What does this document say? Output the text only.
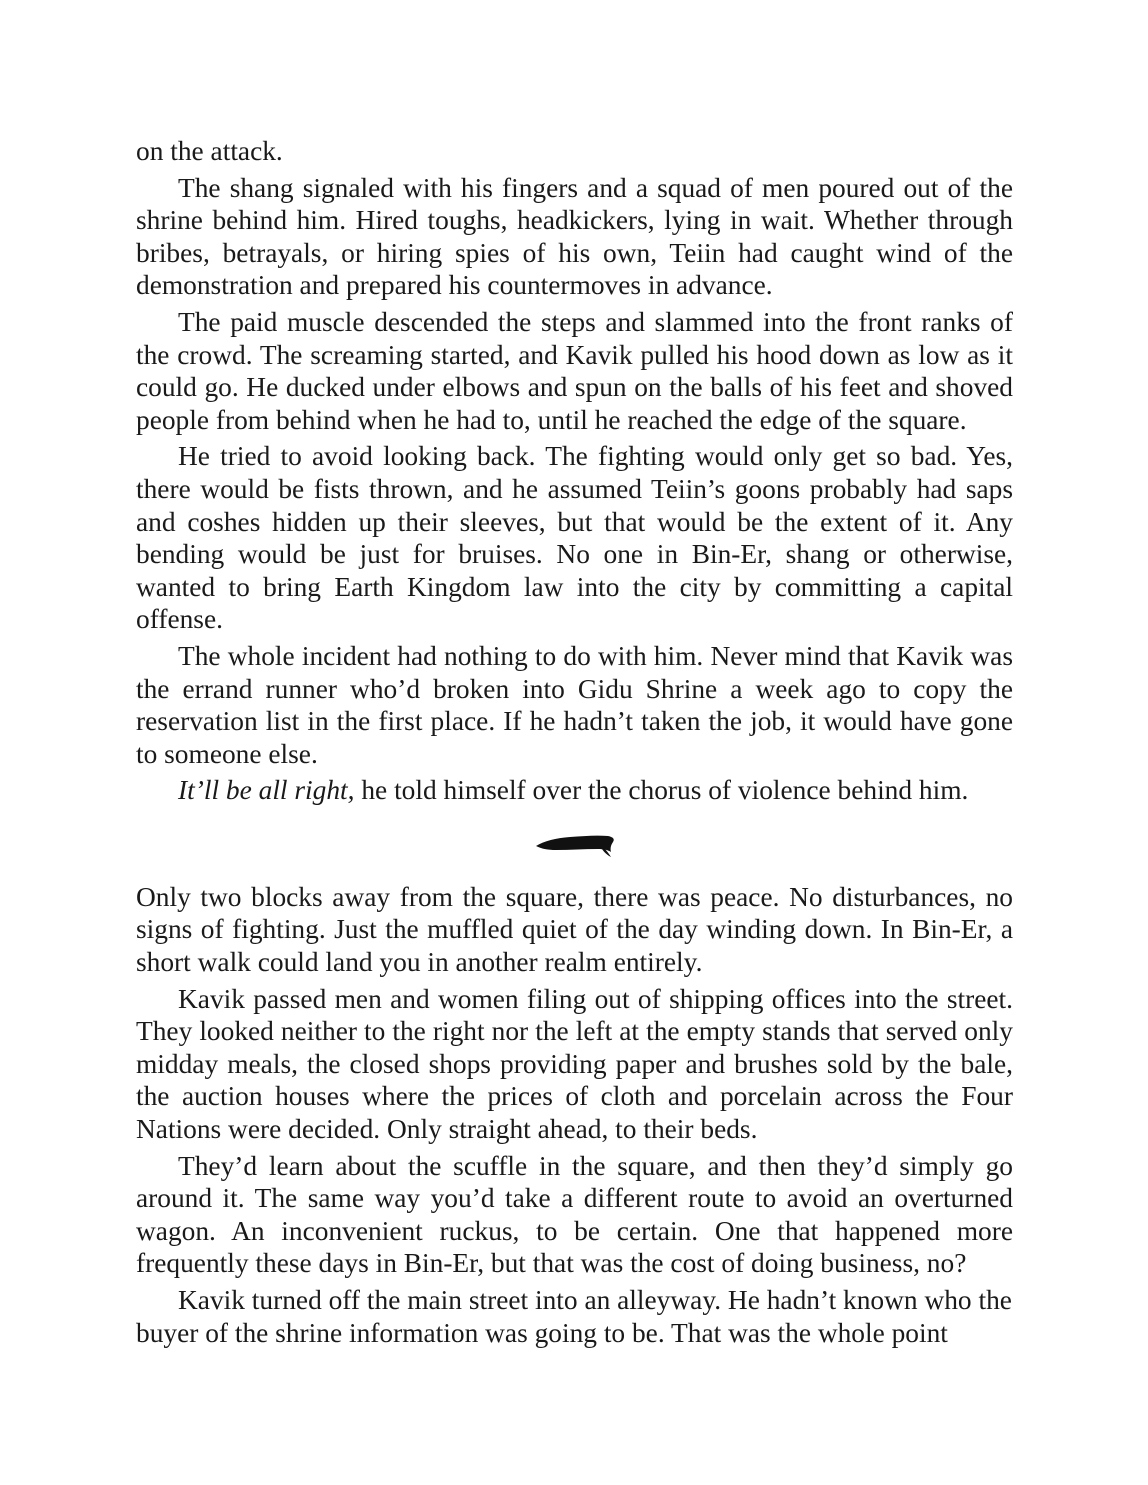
on the attack.

The shang signaled with his fingers and a squad of men poured out of the shrine behind him. Hired toughs, headkickers, lying in wait. Whether through bribes, betrayals, or hiring spies of his own, Teiin had caught wind of the demonstration and prepared his countermoves in advance.

The paid muscle descended the steps and slammed into the front ranks of the crowd. The screaming started, and Kavik pulled his hood down as low as it could go. He ducked under elbows and spun on the balls of his feet and shoved people from behind when he had to, until he reached the edge of the square.

He tried to avoid looking back. The fighting would only get so bad. Yes, there would be fists thrown, and he assumed Teiin’s goons probably had saps and coshes hidden up their sleeves, but that would be the extent of it. Any bending would be just for bruises. No one in Bin-Er, shang or otherwise, wanted to bring Earth Kingdom law into the city by committing a capital offense.

The whole incident had nothing to do with him. Never mind that Kavik was the errand runner who’d broken into Gidu Shrine a week ago to copy the reservation list in the first place. If he hadn’t taken the job, it would have gone to someone else.

It’ll be all right, he told himself over the chorus of violence behind him.

Only two blocks away from the square, there was peace. No disturbances, no signs of fighting. Just the muffled quiet of the day winding down. In Bin-Er, a short walk could land you in another realm entirely.

Kavik passed men and women filing out of shipping offices into the street. They looked neither to the right nor the left at the empty stands that served only midday meals, the closed shops providing paper and brushes sold by the bale, the auction houses where the prices of cloth and porcelain across the Four Nations were decided. Only straight ahead, to their beds.

They’d learn about the scuffle in the square, and then they’d simply go around it. The same way you’d take a different route to avoid an overturned wagon. An inconvenient ruckus, to be certain. One that happened more frequently these days in Bin-Er, but that was the cost of doing business, no?

Kavik turned off the main street into an alleyway. He hadn’t known who the buyer of the shrine information was going to be. That was the whole point
